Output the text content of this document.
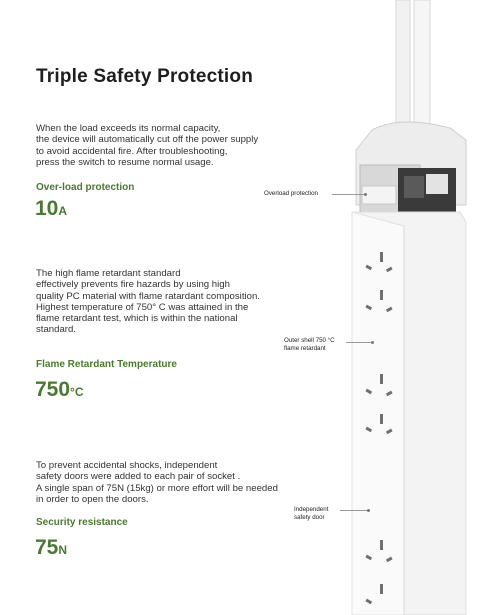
Triple Safety Protection
When the load exceeds its normal capacity,
the device will automatically cut off the power supply
to avoid accidental fire. After troubleshooting,
press the switch to resume normal usage.
Over-load protection
10A
The high flame retardant standard
effectively prevents fire hazards by using high
quality PC material with flame ratardant composition.
Highest temperature of 750° C was attained in the
flame retardant test, which is within the national
standard.
Flame Retardant Temperature
750°C
To prevent accidental shocks, independent
safety doors were added to each pair of socket .
A single span of 75N (15kg) or more effort will be needed
in order to open the doors.
Security resistance
75N
Overload protection
Outer shell 750 °C
flame retardant
Independent
safety door
